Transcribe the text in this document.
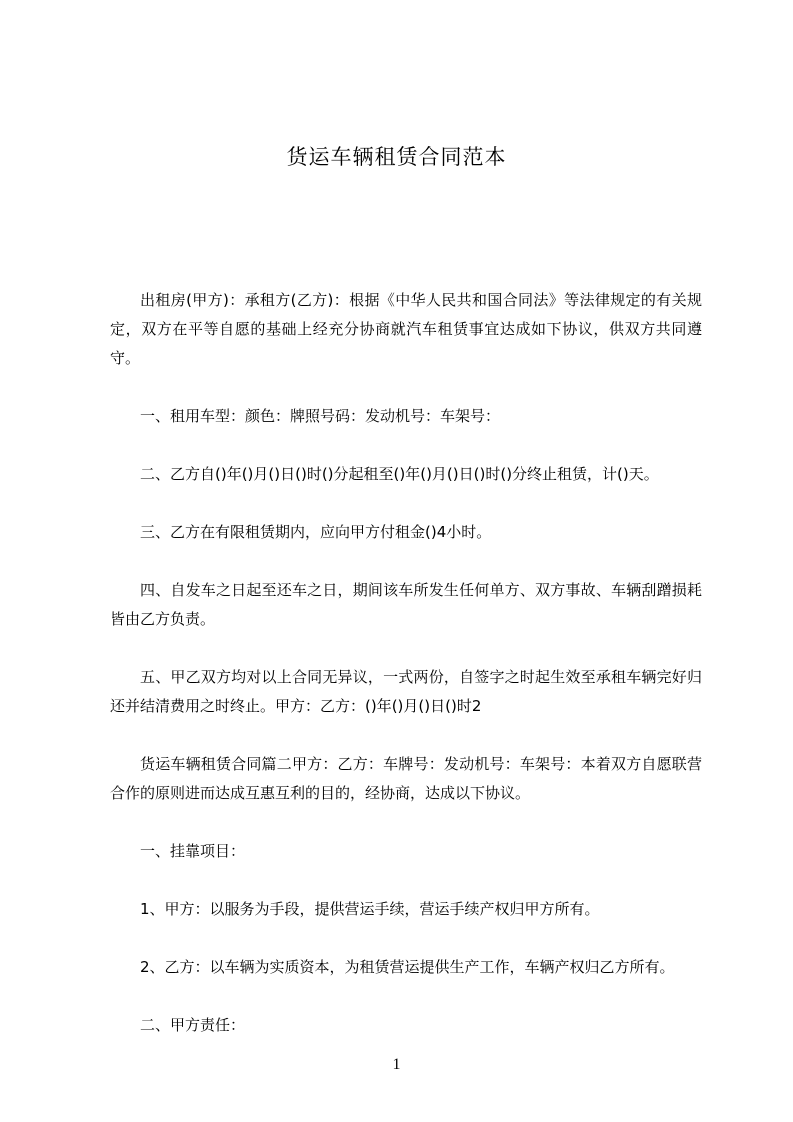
货运车辆租赁合同范本

出租房(甲方)：承租方(乙方)：根据《中华人民共和国合同法》等法律规定的有关规定，双方在平等自愿的基础上经充分协商就汽车租赁事宜达成如下协议，供双方共同遵守。

一、租用车型：颜色：牌照号码：发动机号：车架号：

二、乙方自()年()月()日()时()分起租至()年()月()日()时()分终止租赁，计()天。

三、乙方在有限租赁期内，应向甲方付租金()4小时。

四、自发车之日起至还车之日，期间该车所发生任何单方、双方事故、车辆刮蹭损耗皆由乙方负责。

五、甲乙双方均对以上合同无异议，一式两份，自签字之时起生效至承租车辆完好归还并结清费用之时终止。甲方：乙方：()年()月()日()时2

货运车辆租赁合同篇二甲方：乙方：车牌号：发动机号：车架号：本着双方自愿联营合作的原则进而达成互惠互利的目的，经协商，达成以下协议。

一、挂靠项目：

1、甲方：以服务为手段，提供营运手续，营运手续产权归甲方所有。

2、乙方：以车辆为实质资本，为租赁营运提供生产工作，车辆产权归乙方所有。

二、甲方责任：

1
